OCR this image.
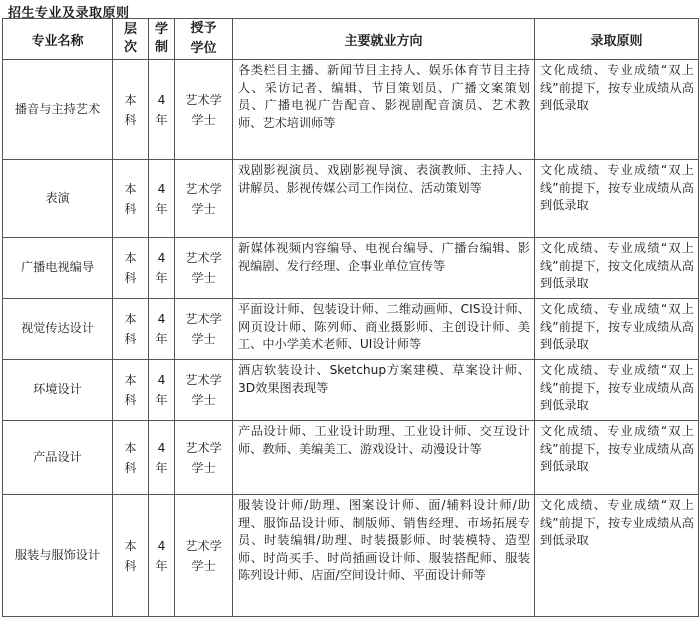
招生专业及录取原则
专业名称	层次	学制	授予学位	主要就业方向	录取原则
播音与主持艺术	本科	4年	艺术学学士	各类栏目主播、新闻节目主持人、娱乐体育节目主持人、采访记者、编辑、节目策划员、广播文案策划员、广播电视广告配音、影视剧配音演员、艺术教师、艺术培训师等	文化成绩、专业成绩“双上线”前提下，按专业成绩从高到低录取
表演	本科	4年	艺术学学士	戏剧影视演员、戏剧影视导演、表演教师、主持人、讲解员、影视传媒公司工作岗位、活动策划等	文化成绩、专业成绩“双上线”前提下，按专业成绩从高到低录取
广播电视编导	本科	4年	艺术学学士	新媒体视频内容编导、电视台编导、广播台编辑、影视编剧、发行经理、企事业单位宣传等	文化成绩、专业成绩“双上线”前提下，按文化成绩从高到低录取
视觉传达设计	本科	4年	艺术学学士	平面设计师、包装设计师、二维动画师、CIS设计师、网页设计师、陈列师、商业摄影师、主创设计师、美工、中小学美术老师、UI设计师等	文化成绩、专业成绩“双上线”前提下，按专业成绩从高到低录取
环境设计	本科	4年	艺术学学士	酒店软装设计、Sketchup方案建模、草案设计师、3D效果图表现等	文化成绩、专业成绩“双上线”前提下，按专业成绩从高到低录取
产品设计	本科	4年	艺术学学士	产品设计师、工业设计助理、工业设计师、交互设计师、教师、美编美工、游戏设计、动漫设计等	文化成绩、专业成绩“双上线”前提下，按专业成绩从高到低录取
服装与服饰设计	本科	4年	艺术学学士	服装设计师/助理、图案设计师、面/辅料设计师/助理、服饰品设计师、制版师、销售经理、市场拓展专员、时装编辑/助理、时装摄影师、时装模特、造型师、时尚买手、时尚插画设计师、服装搭配师、服装陈列设计师、店面/空间设计师、平面设计师等	文化成绩、专业成绩“双上线”前提下，按专业成绩从高到低录取
